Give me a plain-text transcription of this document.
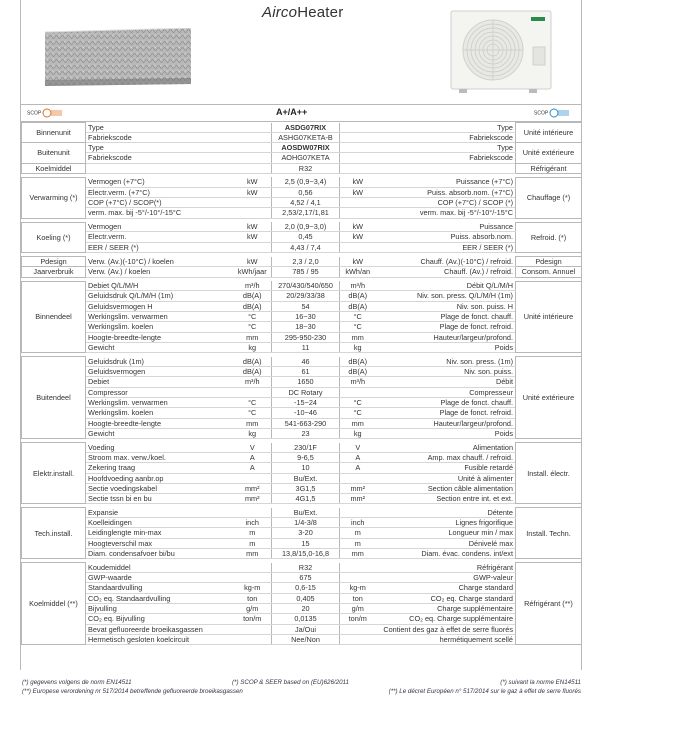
AircoHeater
SCOP	A+/A++	SCOP
Binnenunit	Type		ASDG07RIX		Type	Unité intérieure
	Fabriekscode		ASHG07KETA-B		Fabriekscode	
Buitenunit	Type		AOSDW07RIX		Type	Unité extérieure
	Fabriekscode		AOHG07KETA		Fabriekscode	
Koelmiddel			R32			Réfrigérant

Verwarming (*)	Vermogen (+7°C)	kW	2,5 (0,9~3,4)	kW	Puissance (+7°C)	Chauffage (*)
	Electr.verm. (+7°C)	kW	0,56	kW	Puiss. absorb.nom. (+7°C)	
	COP (+7°C) / SCOP(*)		4,52 / 4,1		COP (+7°C) / SCOP (*)	
	verm. max. bij -5°/-10°/-15°C		2,53/2,17/1,81		verm. max. bij -5°/-10°/-15°C	

Koeling (*)	Vermogen	kW	2,0 (0,9~3,0)	kW	Puissance	Refroid. (*)
	Electr.verm.	kW	0,45	kW	Puiss. absorb.nom.	
	EER / SEER (*)		4,43 / 7,4		EER / SEER (*)	

Pdesign	Verw. (Av.)(-10°C) / koelen	kW	2,3 / 2,0	kW	Chauff. (Av.)(-10°C) / refroid.	Pdesign
Jaarverbruik	Verw. (Av.) / koelen	kWh/jaar	785 / 95	kWh/an	Chauff. (Av.) / refroid.	Consom. Annuel

Binnendeel	Debiet Q/L/M/H	m³/h	270/430/540/650	m³/h	Débit Q/L/M/H	Unité intérieure
	Geluidsdruk Q/L/M/H (1m)	dB(A)	20/29/33/38	dB(A)	Niv. son. press. Q/L/M/H (1m)	
	Geluidsvermogen H	dB(A)	54	dB(A)	Niv. son. puiss. H	
	Werkingslim. verwarmen	°C	16~30	°C	Plage de fonct. chauff.	
	Werkingslim. koelen	°C	18~30	°C	Plage de fonct. refroid.	
	Hoogte-breedte-lengte	mm	295-950-230	mm	Hauteur/largeur/profond.	
	Gewicht	kg	11	kg	Poids	

Buitendeel	Geluidsdruk (1m)	dB(A)	46	dB(A)	Niv. son. press. (1m)	Unité extérieure
	Geluidsvermogen	dB(A)	61	dB(A)	Niv. son. puiss.	
	Debiet	m³/h	1650	m³/h	Débit	
	Compressor		DC Rotary		Compresseur	
	Werkingslim. verwarmen	°C	-15~24	°C	Plage de fonct. chauff.	
	Werkingslim. koelen	°C	-10~46	°C	Plage de fonct. refroid.	
	Hoogte-breedte-lengte	mm	541-663-290	mm	Hauteur/largeur/profond.	
	Gewicht	kg	23	kg	Poids	

Elektr.install.	Voeding	V	230/1F	V	Alimentation	Install. électr.
	Stroom max. verw./koel.	A	9-6,5	A	Amp. max chauff. / refroid.	
	Zekering traag	A	10	A	Fusible retardé	
	Hoofdvoeding aanbr.op		Bu/Ext.		Unité à alimenter	
	Sectie voedingskabel	mm²	3G1,5	mm²	Section câble alimentation	
	Sectie tssn bi en bu	mm²	4G1,5	mm²	Section entre int. et ext.	

Tech.install.	Expansie		Bu/Ext.		Détente	Install. Techn.
	Koelleidingen	inch	1/4-3/8	inch	Lignes frigorifique	
	Leidinglengte min-max	m	3-20	m	Longueur min / max	
	Hoogteverschil max	m	15	m	Dénivelé max	
	Diam. condensafvoer bi/bu	mm	13,8/15,0-16,8	mm	Diam. évac. condens. int/ext	

Koelmiddel (**)	Koudemiddel		R32		Réfrigérant	Réfrigérant (**)
	GWP-waarde		675		GWP-valeur	
	Standaardvulling	kg-m	0,6-15	kg-m	Charge standard	
	CO₂ eq. Standaardvulling	ton	0,405	ton	CO₂ eq. Charge standard	
	Bijvulling	g/m	20	g/m	Charge supplémentaire	
	CO₂ eq. Bijvulling	ton/m	0,0135	ton/m	CO₂ eq. Charge supplémentaire	
	Bevat gefluoreerde broeikasgassen		Ja/Oui		Contient des gaz à effet de serre fluorés	
	Hermetisch gesloten koelcircuit		Nee/Non		hermétiquement scellé	
(*) gegevens volgens de norm EN14511
(**) Europese verordening nr 517/2014 betreffende gefluoreerde broeikasgassen
(*) SCOP & SEER based on (EU)626/2011	(*) suivant la norme EN14511
(**) Le décret Européen n° 517/2014 sur le gaz à effet de serre fluorés
